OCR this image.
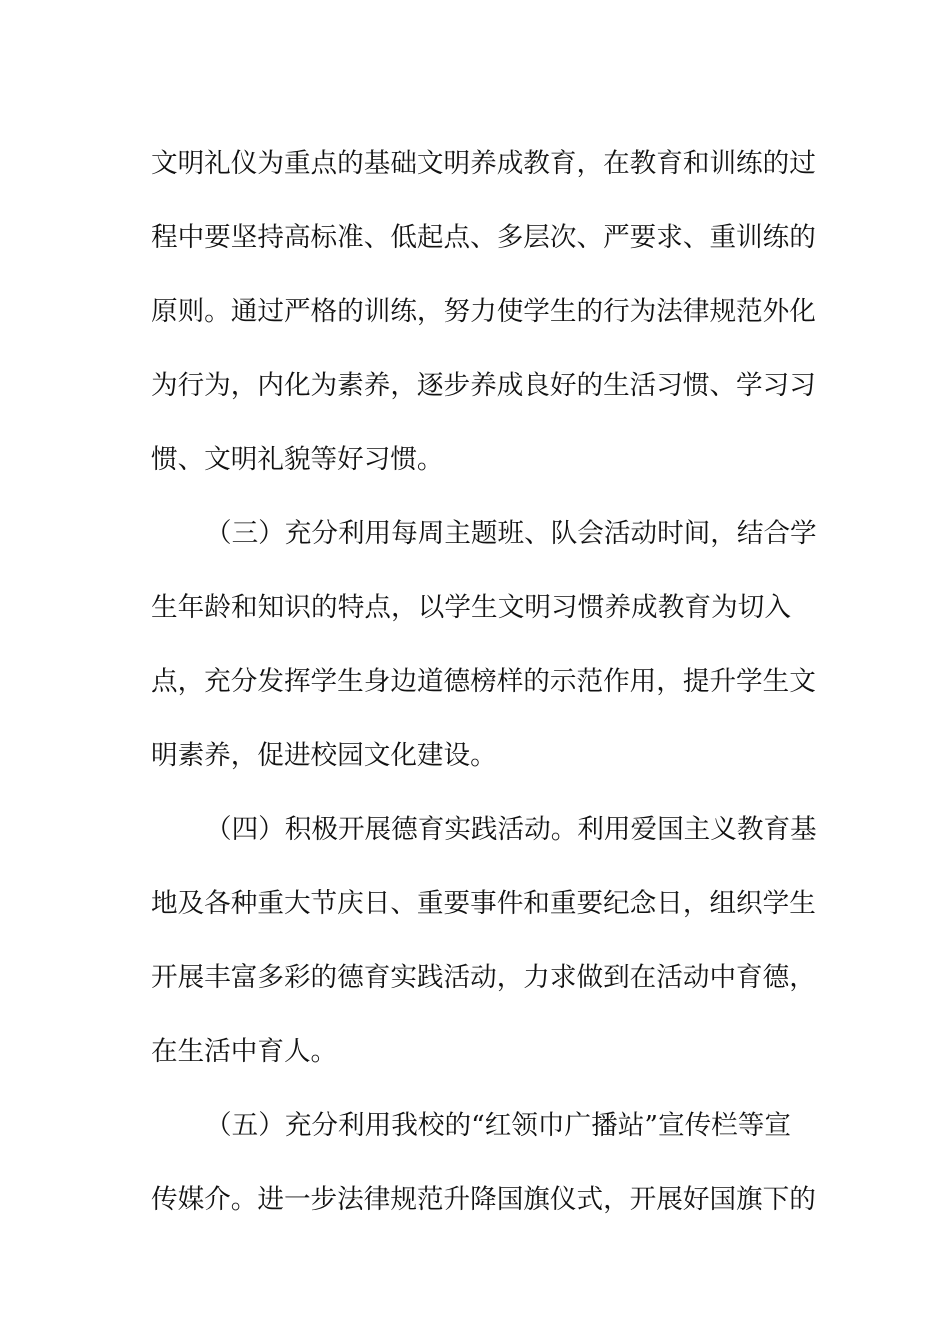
文明礼仪为重点的基础文明养成教育，在教育和训练的过
程中要坚持高标准、低起点、多层次、严要求、重训练的
原则。通过严格的训练，努力使学生的行为法律规范外化
为行为，内化为素养，逐步养成良好的生活习惯、学习习
惯、文明礼貌等好习惯。
（三）充分利用每周主题班、队会活动时间，结合学
生年龄和知识的特点，以学生文明习惯养成教育为切入
点，充分发挥学生身边道德榜样的示范作用，提升学生文
明素养，促进校园文化建设。
（四）积极开展德育实践活动。利用爱国主义教育基
地及各种重大节庆日、重要事件和重要纪念日，组织学生
开展丰富多彩的德育实践活动，力求做到在活动中育德，
在生活中育人。
（五）充分利用我校的“红领巾广播站”宣传栏等宣
传媒介。进一步法律规范升降国旗仪式，开展好国旗下的
